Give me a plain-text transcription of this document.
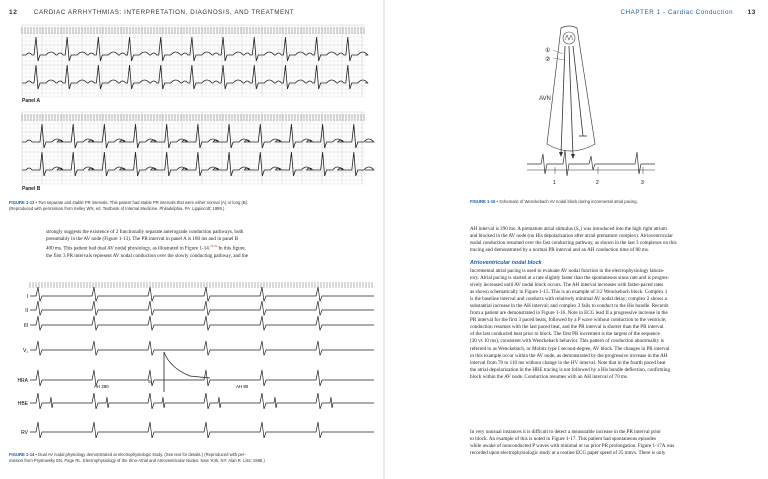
12	CARDIAC ARRHYTHMIAS: INTERPRETATION, DIAGNOSIS, AND TREATMENT
Panel A
Panel B
FIGURE 1-13 • Two separate and stable PR intervals. This patient had stable PR intervals that were either normal (A) or long (B).
(Reproduced with permission from Kelley WN, ed. Textbook of Internal Medicine. Philadelphia, PA: Lippincott; 1989.)
strongly suggests the existence of 2 functionally separate anterograde conduction pathways, both
presumably in the AV node (Figure 1-13). The PR interval in panel A is 180 ms and in panel B
400 ms. This patient had dual AV nodal physiology, as illustrated in Figure 1-14.$^{23-26}$ In this figure,
the first 3 PR intervals represent AV nodal conduction over the slowly conducting pathway, and the
I
II
III
V₁
HRA
HBE
RV
AH 290
S₁
AH 80
FIGURE 1-14 • Dual AV nodal physiology demonstrated at electrophysiologic study. (See text for details.) (Reproduced with per-
mission from Prystowsky EN, Page RL. Electrophysiology of the Sino-Atrial and Atrioventricular Nodes. New York, NY: Alan R. Liss; 1988.)
CHAPTER 1 - Cardiac Conduction 13
①
②
AVN
1	2	3
FIGURE 1-15 • Schematic of Wenckebach AV nodal block during incremental atrial pacing.
AH interval is 290 ms. A premature atrial stimulus (S₁) was introduced into the high right atrium
and blocked in the AV node (no His depolarization after atrial premature complex). Atrioventricular
nodal conduction resumed over the fast conducting pathway, as shown in the last 3 complexes on this
tracing and demonstrated by a normal PR interval and an AH conduction time of 80 ms.
Atrioventricular nodal block
Incremental atrial pacing is used to evaluate AV nodal function in the electrophysiology labora-
tory. Atrial pacing is started at a rate slightly faster than the spontaneous sinus rate and is progres-
sively increased until AV nodal block occurs. The AH interval increases with faster-paced rates
as shown schematically in Figure 1-15. This is an example of 3:2 Wenckebach block. Complex 1
is the baseline interval and conducts with relatively minimal AV nodal delay; complex 2 shows a
substantial increase in the AH interval; and complex 3 fails to conduct to the His bundle. Records
from a patient are demonstrated in Figure 1-16. Note in ECG lead II a progressive increase in the
PR interval for the first 3 paced beats, followed by a P wave without conduction to the ventricle;
conduction resumes with the last paced beat, and the PR interval is shorter than the PR interval
of the last conducted beat prior to block. The first PR increment is the largest of the sequence
(30 vs 10 ms), consistent with Wenckebach behavior. This pattern of conduction abnormality is
referred to as Wenckebach, or Mobitz type I second-degree, AV block. The changes in PR interval
in this example occur within the AV node, as demonstrated by the progressive increase in the AH
interval from 70 to 110 ms without change in the HV interval. Note that in the fourth paced beat
the atrial depolarization in the HBE tracing is not followed by a His bundle deflection, confirming
block within the AV node. Conduction resumes with an AH interval of 70 ms.
In very unusual instances it is difficult to detect a measurable increase in the PR interval prior
to block. An example of this is noted in Figure 1-17. This patient had spontaneous episodes
while awake of nonconducted P waves with minimal or no prior PR prolongation. Figure 1-17A was
recorded upon electrophysiologic study at a routine ECG paper speed of 25 mm/s. There is only
